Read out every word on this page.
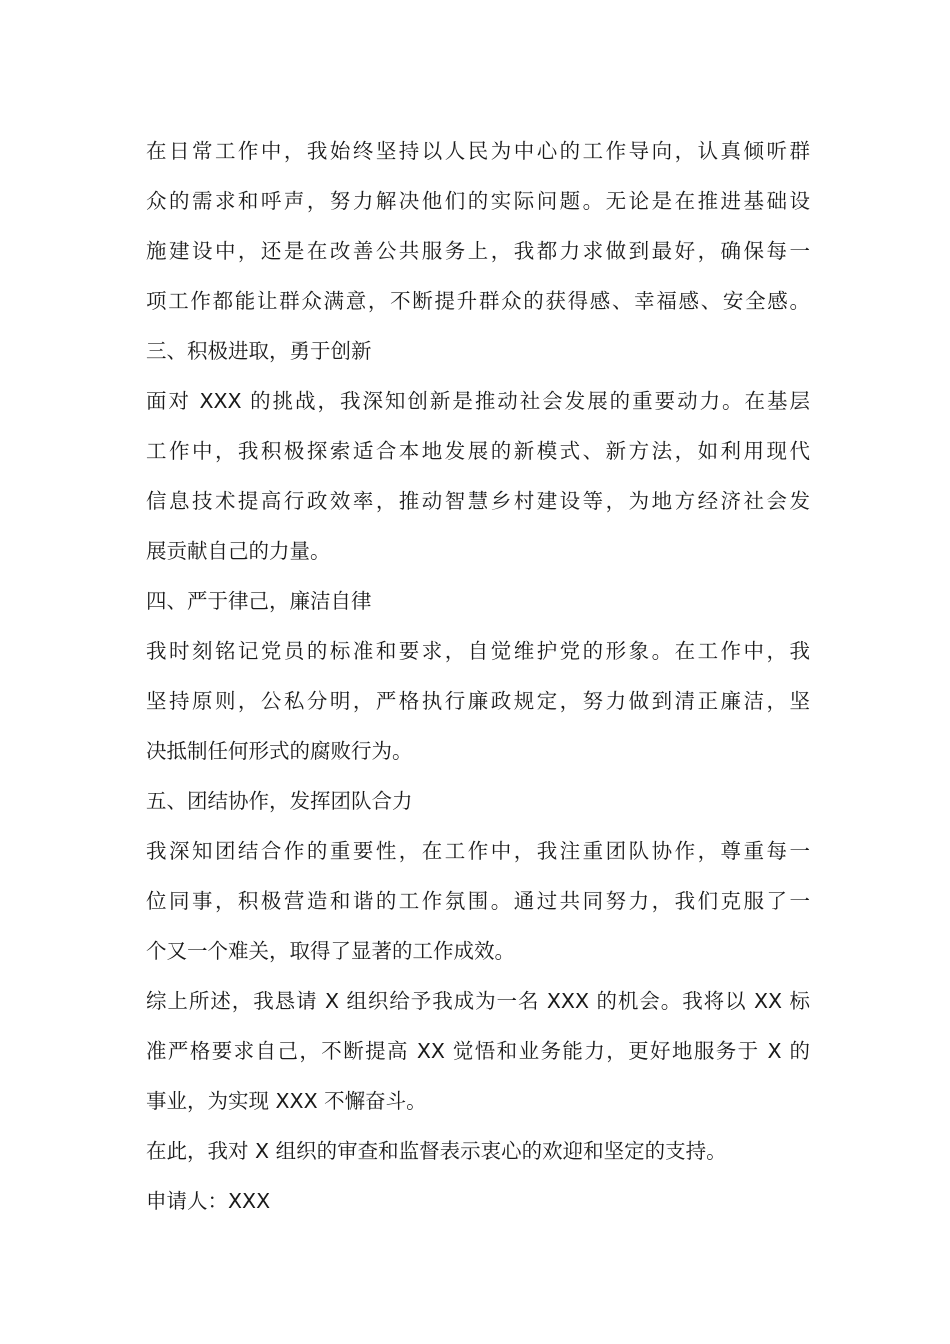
在日常工作中，我始终坚持以人民为中心的工作导向，认真倾听群
众的需求和呼声，努力解决他们的实际问题。无论是在推进基础设
施建设中，还是在改善公共服务上，我都力求做到最好，确保每一
项工作都能让群众满意，不断提升群众的获得感、幸福感、安全感。
三、积极进取，勇于创新
面对 XXX 的挑战，我深知创新是推动社会发展的重要动力。在基层
工作中，我积极探索适合本地发展的新模式、新方法，如利用现代
信息技术提高行政效率，推动智慧乡村建设等，为地方经济社会发
展贡献自己的力量。
四、严于律己，廉洁自律
我时刻铭记党员的标准和要求，自觉维护党的形象。在工作中，我
坚持原则，公私分明，严格执行廉政规定，努力做到清正廉洁，坚
决抵制任何形式的腐败行为。
五、团结协作，发挥团队合力
我深知团结合作的重要性，在工作中，我注重团队协作，尊重每一
位同事，积极营造和谐的工作氛围。通过共同努力，我们克服了一
个又一个难关，取得了显著的工作成效。
综上所述，我恳请 X 组织给予我成为一名 XXX 的机会。我将以 XX 标
准严格要求自己，不断提高 XX 觉悟和业务能力，更好地服务于 X 的
事业，为实现 XXX 不懈奋斗。
在此，我对 X 组织的审查和监督表示衷心的欢迎和坚定的支持。
申请人：XXX
